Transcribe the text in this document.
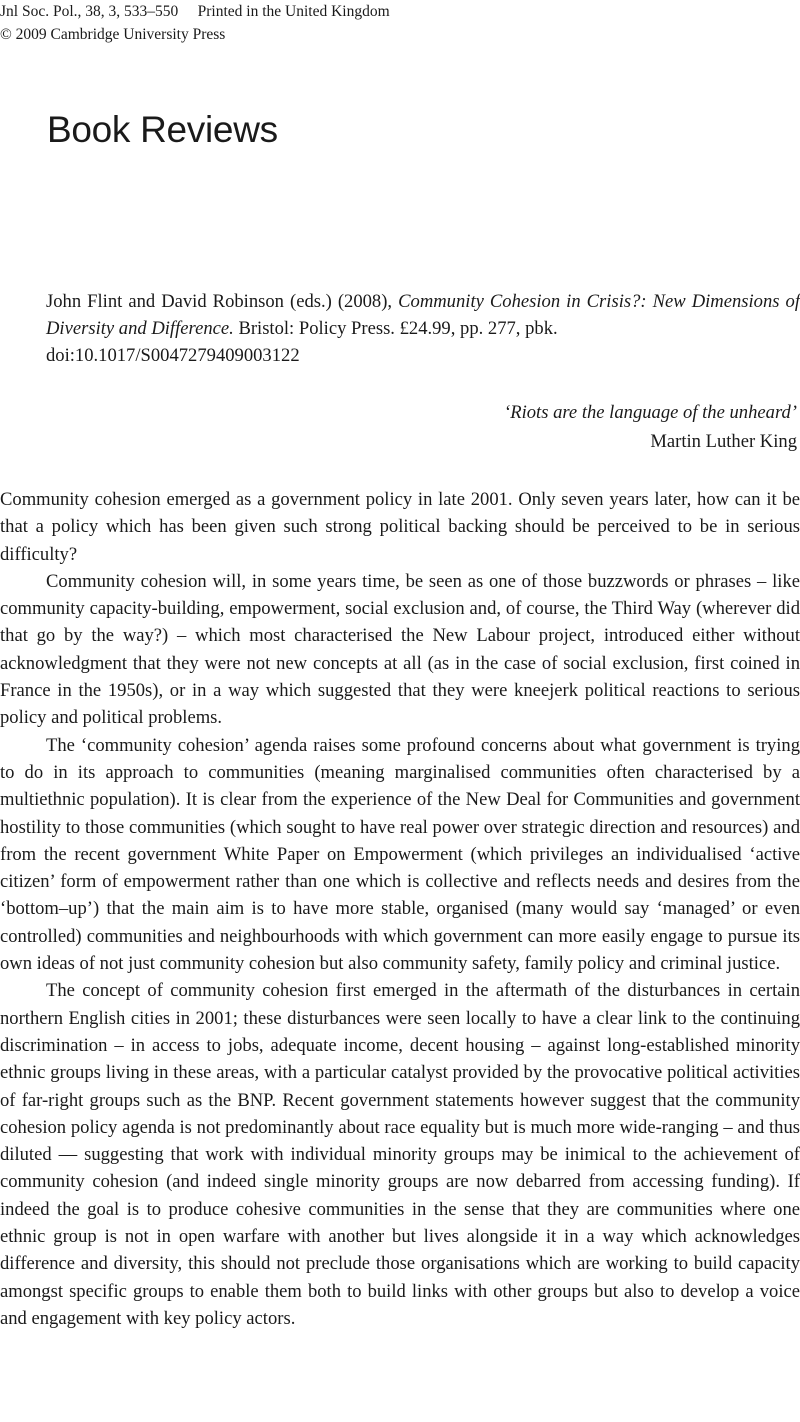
Jnl Soc. Pol., 38, 3, 533–550     Printed in the United Kingdom
© 2009 Cambridge University Press
Book Reviews
John Flint and David Robinson (eds.) (2008), Community Cohesion in Crisis?: New Dimensions of Diversity and Difference. Bristol: Policy Press. £24.99, pp. 277, pbk.
doi:10.1017/S0047279409003122
‘Riots are the language of the unheard’
Martin Luther King

Community cohesion emerged as a government policy in late 2001. Only seven years later, how can it be that a policy which has been given such strong political backing should be perceived to be in serious difficulty?

Community cohesion will, in some years time, be seen as one of those buzzwords or phrases – like community capacity-building, empowerment, social exclusion and, of course, the Third Way (wherever did that go by the way?) – which most characterised the New Labour project, introduced either without acknowledgment that they were not new concepts at all (as in the case of social exclusion, first coined in France in the 1950s), or in a way which suggested that they were kneejerk political reactions to serious policy and political problems.

The ‘community cohesion’ agenda raises some profound concerns about what government is trying to do in its approach to communities (meaning marginalised communities often characterised by a multiethnic population). It is clear from the experience of the New Deal for Communities and government hostility to those communities (which sought to have real power over strategic direction and resources) and from the recent government White Paper on Empowerment (which privileges an individualised ‘active citizen’ form of empowerment rather than one which is collective and reflects needs and desires from the ‘bottom–up’) that the main aim is to have more stable, organised (many would say ‘managed’ or even controlled) communities and neighbourhoods with which government can more easily engage to pursue its own ideas of not just community cohesion but also community safety, family policy and criminal justice.

The concept of community cohesion first emerged in the aftermath of the disturbances in certain northern English cities in 2001; these disturbances were seen locally to have a clear link to the continuing discrimination – in access to jobs, adequate income, decent housing – against long-established minority ethnic groups living in these areas, with a particular catalyst provided by the provocative political activities of far-right groups such as the BNP. Recent government statements however suggest that the community cohesion policy agenda is not predominantly about race equality but is much more wide-ranging – and thus diluted — suggesting that work with individual minority groups may be inimical to the achievement of community cohesion (and indeed single minority groups are now debarred from accessing funding). If indeed the goal is to produce cohesive communities in the sense that they are communities where one ethnic group is not in open warfare with another but lives alongside it in a way which acknowledges difference and diversity, this should not preclude those organisations which are working to build capacity amongst specific groups to enable them both to build links with other groups but also to develop a voice and engagement with key policy actors.
